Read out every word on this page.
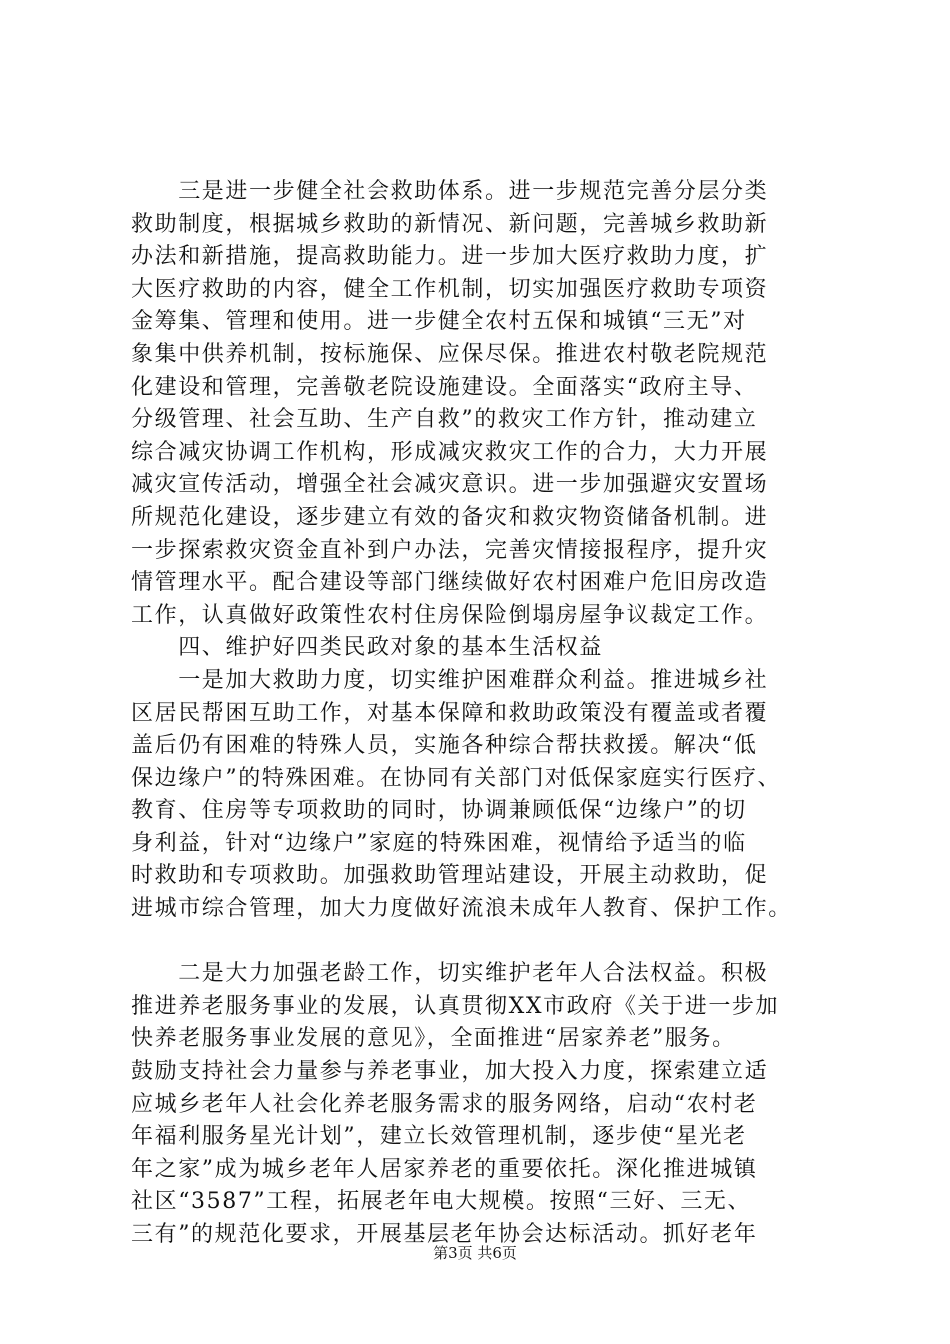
　　三是进一步健全社会救助体系。进一步规范完善分层分类
救助制度，根据城乡救助的新情况、新问题，完善城乡救助新
办法和新措施，提高救助能力。进一步加大医疗救助力度，扩
大医疗救助的内容，健全工作机制，切实加强医疗救助专项资
金筹集、管理和使用。进一步健全农村五保和城镇“三无”对
象集中供养机制，按标施保、应保尽保。推进农村敬老院规范
化建设和管理，完善敬老院设施建设。全面落实“政府主导、
分级管理、社会互助、生产自救”的救灾工作方针，推动建立
综合减灾协调工作机构，形成减灾救灾工作的合力，大力开展
减灾宣传活动，增强全社会减灾意识。进一步加强避灾安置场
所规范化建设，逐步建立有效的备灾和救灾物资储备机制。进
一步探索救灾资金直补到户办法，完善灾情接报程序，提升灾
情管理水平。配合建设等部门继续做好农村困难户危旧房改造
工作，认真做好政策性农村住房保险倒塌房屋争议裁定工作。
　　四、维护好四类民政对象的基本生活权益
　　一是加大救助力度，切实维护困难群众利益。推进城乡社
区居民帮困互助工作，对基本保障和救助政策没有覆盖或者覆
盖后仍有困难的特殊人员，实施各种综合帮扶救援。解决“低
保边缘户”的特殊困难。在协同有关部门对低保家庭实行医疗、
教育、住房等专项救助的同时，协调兼顾低保“边缘户”的切
身利益，针对“边缘户”家庭的特殊困难，视情给予适当的临
时救助和专项救助。加强救助管理站建设，开展主动救助，促
进城市综合管理，加大力度做好流浪未成年人教育、保护工作。
　　二是大力加强老龄工作，切实维护老年人合法权益。积极
推进养老服务事业的发展，认真贯彻XX市政府《关于进一步加
快养老服务事业发展的意见》，全面推进“居家养老”服务。
鼓励支持社会力量参与养老事业，加大投入力度，探索建立适
应城乡老年人社会化养老服务需求的服务网络，启动“农村老
年福利服务星光计划”，建立长效管理机制，逐步使“星光老
年之家”成为城乡老年人居家养老的重要依托。深化推进城镇
社区“3587”工程，拓展老年电大规模。按照“三好、三无、
三有”的规范化要求，开展基层老年协会达标活动。抓好老年
第3页 共6页
